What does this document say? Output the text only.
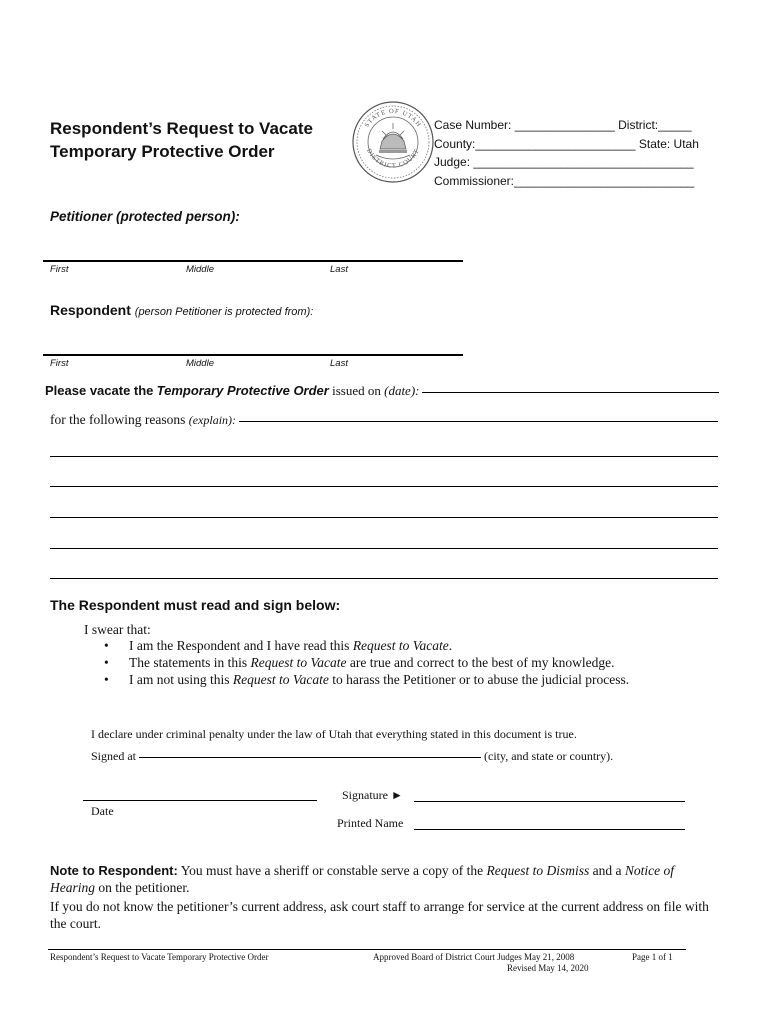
Respondent’s Request to Vacate
Temporary Protective Order
STATE OF UTAH
DISTRICT COURT
Case Number: _______________ District:_____
County:________________________ State: Utah
Judge: _________________________________
Commissioner:___________________________
Petitioner (protected person):
First	Middle	Last
Respondent (person Petitioner is protected from):
First	Middle	Last
Please vacate the
Temporary Protective Order
issued on
(date):
for the following reasons
(explain):
The Respondent must read and sign below:
I swear that:
• I am the Respondent and I have read this Request to Vacate.
• The statements in this Request to Vacate are true and correct to the best of my knowledge.
• I am not using this Request to Vacate to harass the Petitioner or to abuse the judicial process.
I declare under criminal penalty under the law of Utah that everything stated in this document is true.
Signed at	(city, and state or country).
Date
Signature ►
Printed Name
Note to Respondent: You must have a sheriff or constable serve a copy of the Request to Dismiss and a Notice of Hearing on the petitioner.
If you do not know the petitioner’s current address, ask court staff to arrange for service at the current address on file with the court.
Respondent’s Request to Vacate Temporary Protective Order	Approved Board of District Court Judges May 21, 2008
Revised May 14, 2020
Page 1 of 1
